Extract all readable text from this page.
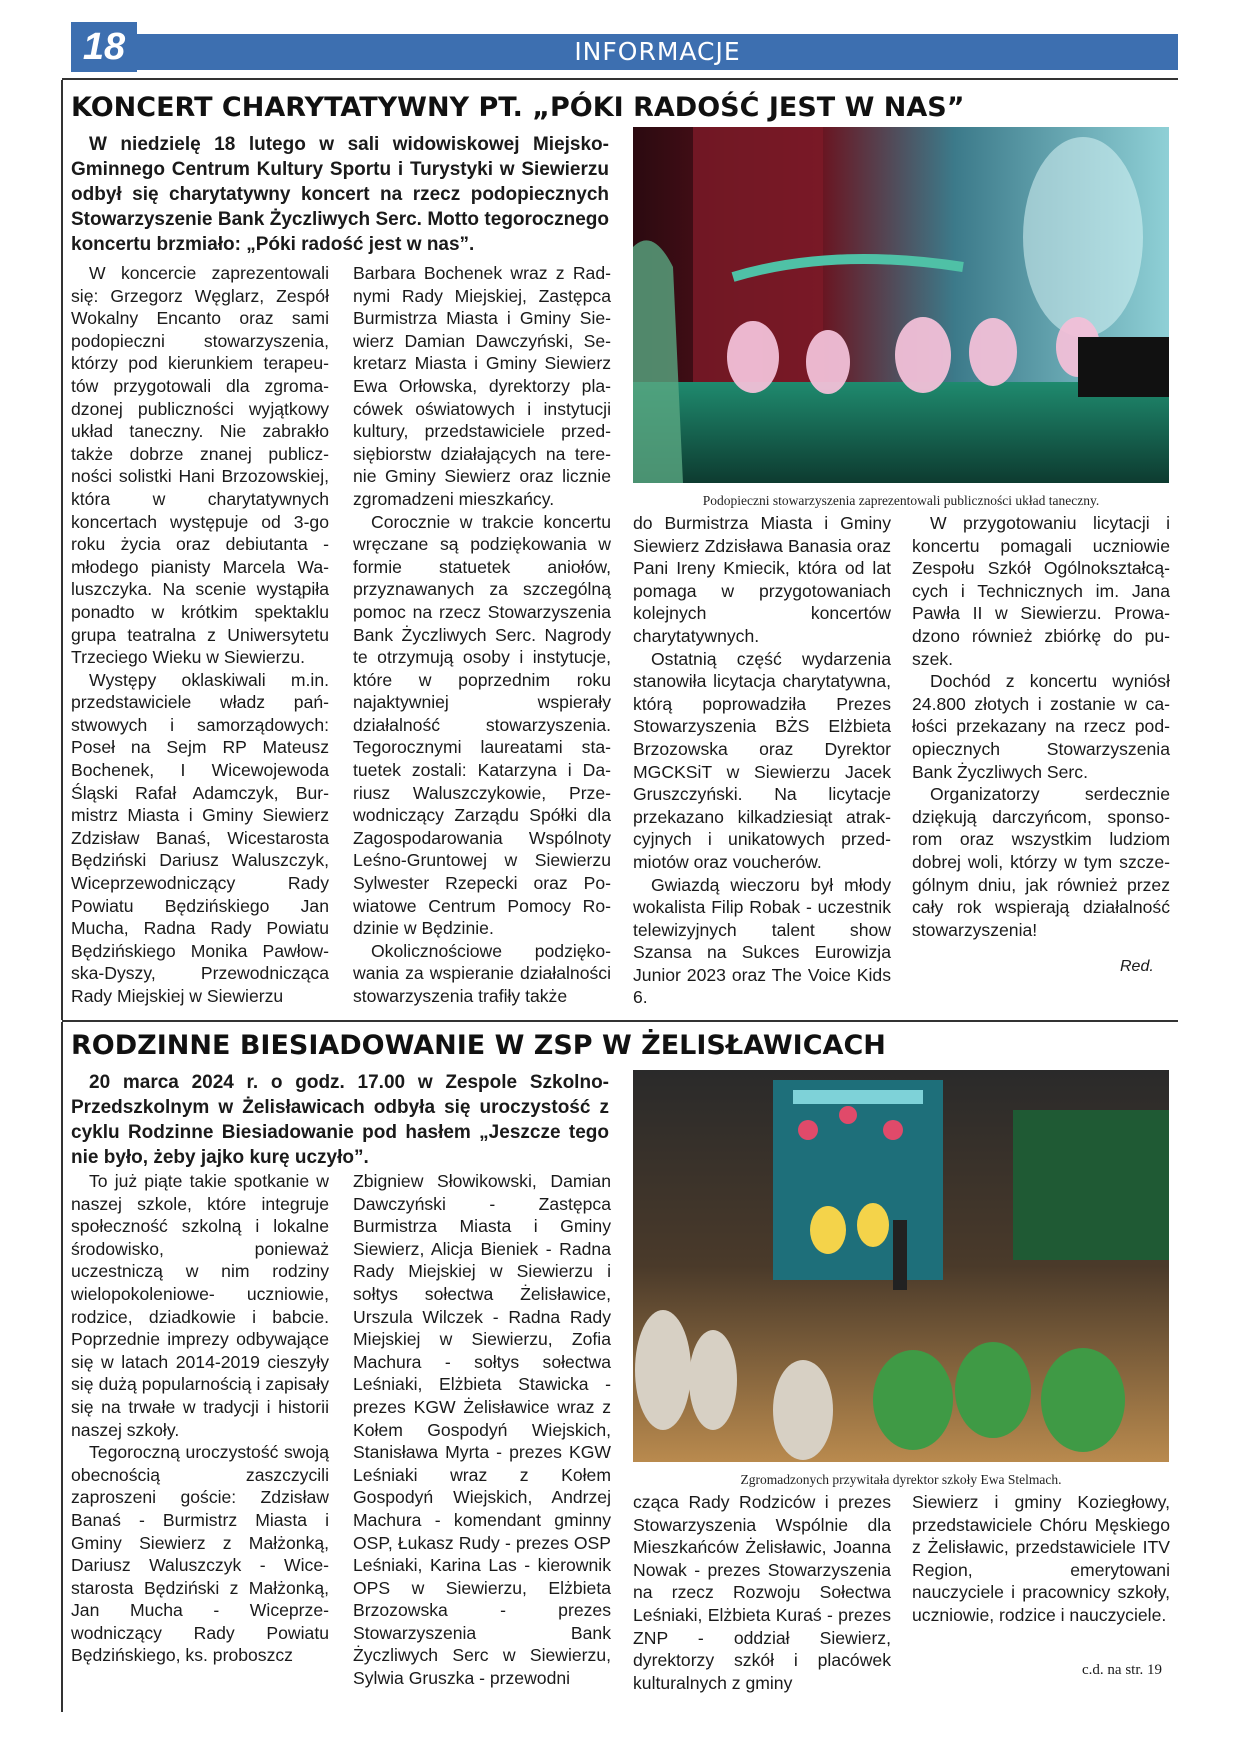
18	INFORMACJE
KONCERT CHARYTATYWNY PT. „PÓKI RADOŚĆ JEST W NAS”

W niedzielę 18 lutego w sali widowiskowej Miejsko-Gminnego Centrum Kultury Sportu i Turystyki w Siewierzu odbył się charytatywny koncert na rzecz podopiecznych Stowarzyszenie Bank Życzliwych Serc. Motto tegorocznego koncertu brzmiało: „Póki radość jest w nas”.

W koncercie zaprezentowali się: Grzegorz Węglarz, Zespół Wokalny Encanto oraz sami podopieczni stowarzyszenia, którzy pod kierunkiem terapeutów przygotowali dla zgromadzonej publiczności wyjątkowy układ taneczny. Nie zabrakło także dobrze znanej publiczności solistki Hani Brzozowskiej, która w charytatywnych koncertach występuje od 3-go roku życia oraz debiutanta - młodego pianisty Marcela Waluszczyka. Na scenie wystąpiła ponadto w krótkim spektaklu grupa teatralna z Uniwersytetu Trzeciego Wieku w Siewierzu.

Występy oklaskiwali m.in. przedstawiciele władz państwowych i samorządowych: Poseł na Sejm RP Mateusz Bochenek, I Wicewojewoda Śląski Rafał Adamczyk, Burmistrz Miasta i Gminy Siewierz Zdzisław Banaś, Wicestarosta Będziński Dariusz Waluszczyk, Wiceprzewodniczący Rady Powiatu Będzińskiego Jan Mucha, Radna Rady Powiatu Będzińskiego Monika Pawłowska-Dyszy, Przewodnicząca Rady Miejskiej w Siewierzu

Barbara Bochenek wraz z Radnymi Rady Miejskiej, Zastępca Burmistrza Miasta i Gminy Siewierz Damian Dawczyński, Sekretarz Miasta i Gminy Siewierz Ewa Orłowska, dyrektorzy placówek oświatowych i instytucji kultury, przedstawiciele przedsiębiorstw działających na terenie Gminy Siewierz oraz licznie zgromadzeni mieszkańcy.

Corocznie w trakcie koncertu wręczane są podziękowania w formie statuetek aniołów, przyznawanych za szczególną pomoc na rzecz Stowarzyszenia Bank Życzliwych Serc. Nagrody te otrzymują osoby i instytucje, które w poprzednim roku najaktywniej wspierały działalność stowarzyszenia. Tegorocznymi laureatami statuetek zostali: Katarzyna i Dariusz Waluszczykowie, Przewodniczący Zarządu Spółki dla Zagospodarowania Wspólnoty Leśno-Gruntowej w Siewierzu Sylwester Rzepecki oraz Powiatowe Centrum Pomocy Rodzinie w Będzinie.

Okolicznościowe podziękowania za wspieranie działalności stowarzyszenia trafiły także

Podopieczni stowarzyszenia zaprezentowali publiczności układ taneczny.

do Burmistrza Miasta i Gminy Siewierz Zdzisława Banasia oraz Pani Ireny Kmiecik, która od lat pomaga w przygotowaniach kolejnych koncertów charytatywnych.

Ostatnią część wydarzenia stanowiła licytacja charytatywna, którą poprowadziła Prezes Stowarzyszenia BŻS Elżbieta Brzozowska oraz Dyrektor MGCKSiT w Siewierzu Jacek Gruszczyński. Na licytacje przekazano kilkadziesiąt atrakcyjnych i unikatowych przedmiotów oraz voucherów.

Gwiazdą wieczoru był młody wokalista Filip Robak - uczestnik telewizyjnych talent show Szansa na Sukces Eurowizja Junior 2023 oraz The Voice Kids 6.

W przygotowaniu licytacji i koncertu pomagali uczniowie Zespołu Szkół Ogólnokształcących i Technicznych im. Jana Pawła II w Siewierzu. Prowadzono również zbiórkę do puszek.

Dochód z koncertu wyniósł 24.800 złotych i zostanie w całości przekazany na rzecz podopiecznych Stowarzyszenia Bank Życzliwych Serc.

Organizatorzy serdecznie dziękują darczyńcom, sponsorom oraz wszystkim ludziom dobrej woli, którzy w tym szczególnym dniu, jak również przez cały rok wspierają działalność stowarzyszenia!

Red.

RODZINNE BIESIADOWANIE W ZSP W ŻELISŁAWICACH

20 marca 2024 r. o godz. 17.00 w Zespole Szkolno-Przedszkolnym w Żelisławicach odbyła się uroczystość z cyklu Rodzinne Biesiadowanie pod hasłem „Jeszcze tego nie było, żeby jajko kurę uczyło”.

To już piąte takie spotkanie w naszej szkole, które integruje społeczność szkolną i lokalne środowisko, ponieważ uczestniczą w nim rodziny wielopokoleniowe- uczniowie, rodzice, dziadkowie i babcie. Poprzednie imprezy odbywające się w latach 2014-2019 cieszyły się dużą popularnością i zapisały się na trwałe w tradycji i historii naszej szkoły.

Tegoroczną uroczystość swoją obecnością zaszczycili zaproszeni goście: Zdzisław Banaś - Burmistrz Miasta i Gminy Siewierz z Małżonką, Dariusz Waluszczyk - Wicestarosta Będziński z Małżonką, Jan Mucha - Wiceprzewodniczący Rady Powiatu Będzińskiego, ks. proboszcz

Zbigniew Słowikowski, Damian Dawczyński - Zastępca Burmistrza Miasta i Gminy Siewierz, Alicja Bieniek - Radna Rady Miejskiej w Siewierzu i sołtys sołectwa Żelisławice, Urszula Wilczek - Radna Rady Miejskiej w Siewierzu, Zofia Machura - sołtys sołectwa Leśniaki, Elżbieta Stawicka - prezes KGW Żelisławice wraz z Kołem Gospodyń Wiejskich, Stanisława Myrta - prezes KGW Leśniaki wraz z Kołem Gospodyń Wiejskich, Andrzej Machura - komendant gminny OSP, Łukasz Rudy - prezes OSP Leśniaki, Karina Las - kierownik OPS w Siewierzu, Elżbieta Brzozowska - prezes Stowarzyszenia Bank Życzliwych Serc w Siewierzu, Sylwia Gruszka - przewodni

Zgromadzonych przywitała dyrektor szkoły Ewa Stelmach.

cząca Rady Rodziców i prezes Stowarzyszenia Wspólnie dla Mieszkańców Żelisławic, Joanna Nowak - prezes Stowarzyszenia na rzecz Rozwoju Sołectwa Leśniaki, Elżbieta Kuraś - prezes ZNP - oddział Siewierz, dyrektorzy szkół i placówek kulturalnych z gminy

Siewierz i gminy Koziegłowy, przedstawiciele Chóru Męskiego z Żelisławic, przedstawiciele ITV Region, emerytowani nauczyciele i pracownicy szkoły, uczniowie, rodzice i nauczyciele.

c.d. na str. 19
